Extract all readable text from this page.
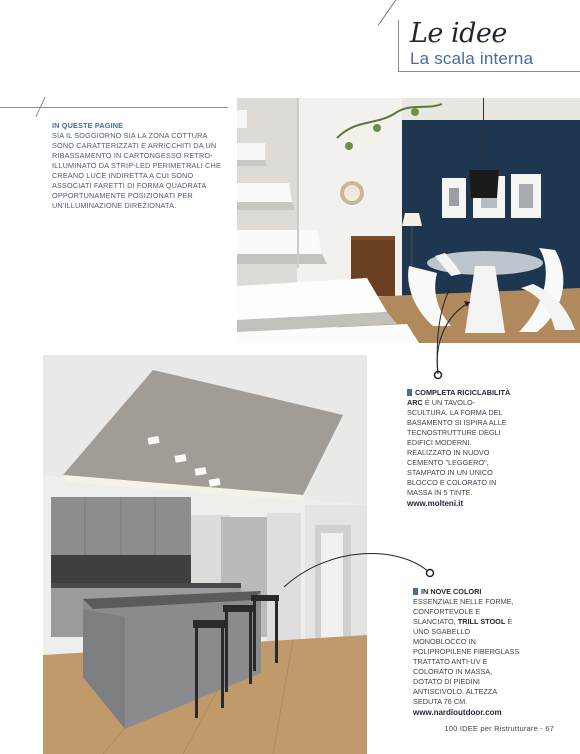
Le idee
La scala interna
IN QUESTE PAGINE
SIA IL SOGGIORNO SIA LA ZONA COTTURA SONO CARATTERIZZATI E ARRICCHITI DA UN RIBASSAMENTO IN CARTONGESSO RETRO-ILLUMINATO DA STRIP-LED PERIMETRALI CHE CREANO LUCE INDIRETTA A CUI SONO ASSOCIATI FARETTI DI FORMA QUADRATA OPPORTUNAMENTE POSIZIONATI PER UN'ILLUMINAZIONE DIREZIONATA.
COMPLETA RICICLABILITÀ
ARC È UN TAVOLO-SCULTURA. LA FORMA DEL BASAMENTO SI ISPIRA ALLE TECNOSTRUTTURE DEGLI EDIFICI MODERNI. REALIZZATO IN NUOVO CEMENTO "LEGGERO", STAMPATO IN UN UNICO BLOCCO E COLORATO IN MASSA IN 5 TINTE.
www.molteni.it
IN NOVE COLORI
ESSENZIALE NELLE FORME, CONFORTEVOLE E SLANCIATO, TRILL STOOL È UNO SGABELLO MONOBLOCCO IN POLIPROPILENE FIBERGLASS TRATTATO ANTI-UV E COLORATO IN MASSA, DOTATO DI PIEDINI ANTISCIVOLO. ALTEZZA SEDUTA 76 CM.
www.nardioutdoor.com
100 IDEE per Ristrutturare - 67
